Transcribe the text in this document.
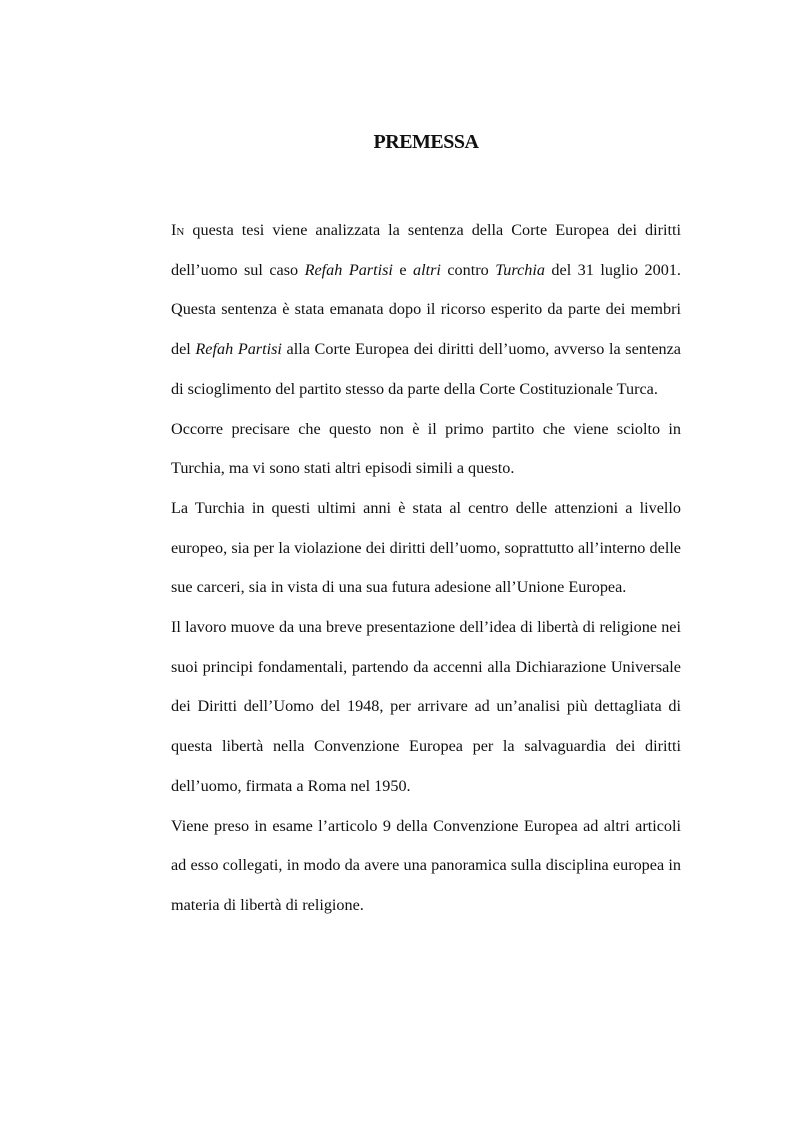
PREMESSA

In questa tesi viene analizzata la sentenza della Corte Europea dei diritti dell’uomo sul caso Refah Partisi e altri contro Turchia del 31 luglio 2001. Questa sentenza è stata emanata dopo il ricorso esperito da parte dei membri del Refah Partisi alla Corte Europea dei diritti dell’uomo, avverso la sentenza di scioglimento del partito stesso da parte della Corte Costituzionale Turca.

Occorre precisare che questo non è il primo partito che viene sciolto in Turchia, ma vi sono stati altri episodi simili a questo.

La Turchia in questi ultimi anni è stata al centro delle attenzioni a livello europeo, sia per la violazione dei diritti dell’uomo, soprattutto all’interno delle sue carceri, sia in vista di una sua futura adesione all’Unione Europea.

Il lavoro muove da una breve presentazione dell’idea di libertà di religione nei suoi principi fondamentali, partendo da accenni alla Dichiarazione Universale dei Diritti dell’Uomo del 1948, per arrivare ad un’analisi più dettagliata di questa libertà nella Convenzione Europea per la salvaguardia dei diritti dell’uomo, firmata a Roma nel 1950.

Viene preso in esame l’articolo 9 della Convenzione Europea ad altri articoli ad esso collegati, in modo da avere una panoramica sulla disciplina europea in materia di libertà di religione.
